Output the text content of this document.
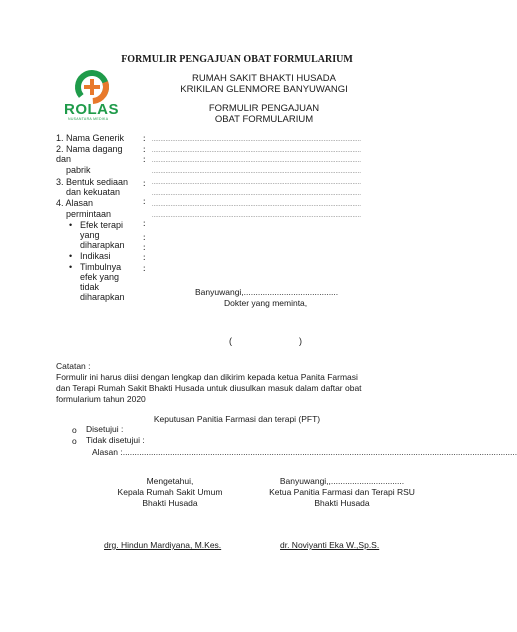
FORMULIR PENGAJUAN OBAT FORMULARIUM
ROLAS
NUSANTARA MEDIKA
RUMAH SAKIT BHAKTI HUSADA
KRIKILAN GLENMORE BANYUWANGI
FORMULIR PENGAJUAN
OBAT FORMULARIUM
1. Nama Generik
2. Nama dagang
dan
pabrik
3. Bentuk sediaan
dan kekuatan
4. Alasan
permintaan
• Efek terapi
yang
diharapkan
• Indikasi
• Timbulnya
efek yang
tidak
diharapkan
:
:
:
:
:
:
:
:
:
:
...........................................................................................................................
...........................................................................................................................
...........................................................................................................................
...........................................................................................................................
...........................................................................................................................
...........................................................................................................................
...........................................................................................................................
...........................................................................................................................
Banyuwangi,........................................
Dokter yang meminta,
(	)
Catatan :
Formulir ini harus diisi dengan lengkap dan dikirim kepada ketua Panita Farmasi
dan Terapi Rumah Sakit Bhakti Husada untuk diusulkan masuk dalam daftar obat
formularium tahun 2020
Keputusan Panitia Farmasi dan terapi (PFT)
o Disetujui :
o Tidak disetujui :
Alasan :.......................................................................................................................................................................
Mengetahui,
Kepala Rumah Sakit Umum
Bhakti Husada
Banyuwangi,,...............................
Ketua Panitia Farmasi dan Terapi RSU
Bhakti Husada
drg. Hindun Mardiyana, M.Kes.	dr. Noviyanti Eka W.,Sp.S.
